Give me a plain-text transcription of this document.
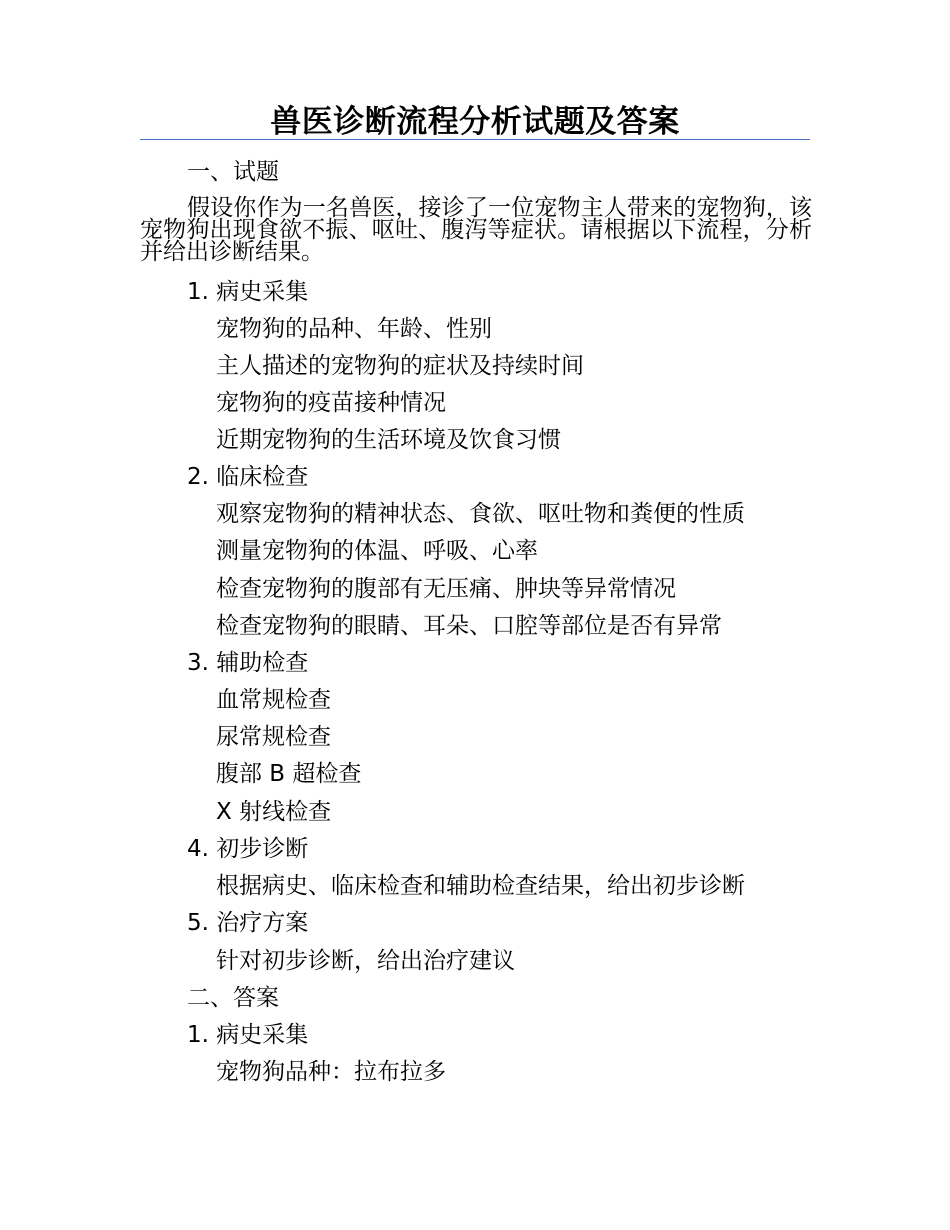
兽医诊断流程分析试题及答案
一、试题
假设你作为一名兽医，接诊了一位宠物主人带来的宠物狗，该宠物狗出现食欲不振、呕吐、腹泻等症状。请根据以下流程，分析并给出诊断结果。
1. 病史采集
宠物狗的品种、年龄、性别
主人描述的宠物狗的症状及持续时间
宠物狗的疫苗接种情况
近期宠物狗的生活环境及饮食习惯
2. 临床检查
观察宠物狗的精神状态、食欲、呕吐物和粪便的性质
测量宠物狗的体温、呼吸、心率
检查宠物狗的腹部有无压痛、肿块等异常情况
检查宠物狗的眼睛、耳朵、口腔等部位是否有异常
3. 辅助检查
血常规检查
尿常规检查
腹部 B 超检查
X 射线检查
4. 初步诊断
根据病史、临床检查和辅助检查结果，给出初步诊断
5. 治疗方案
针对初步诊断，给出治疗建议
二、答案
1. 病史采集
宠物狗品种：拉布拉多
